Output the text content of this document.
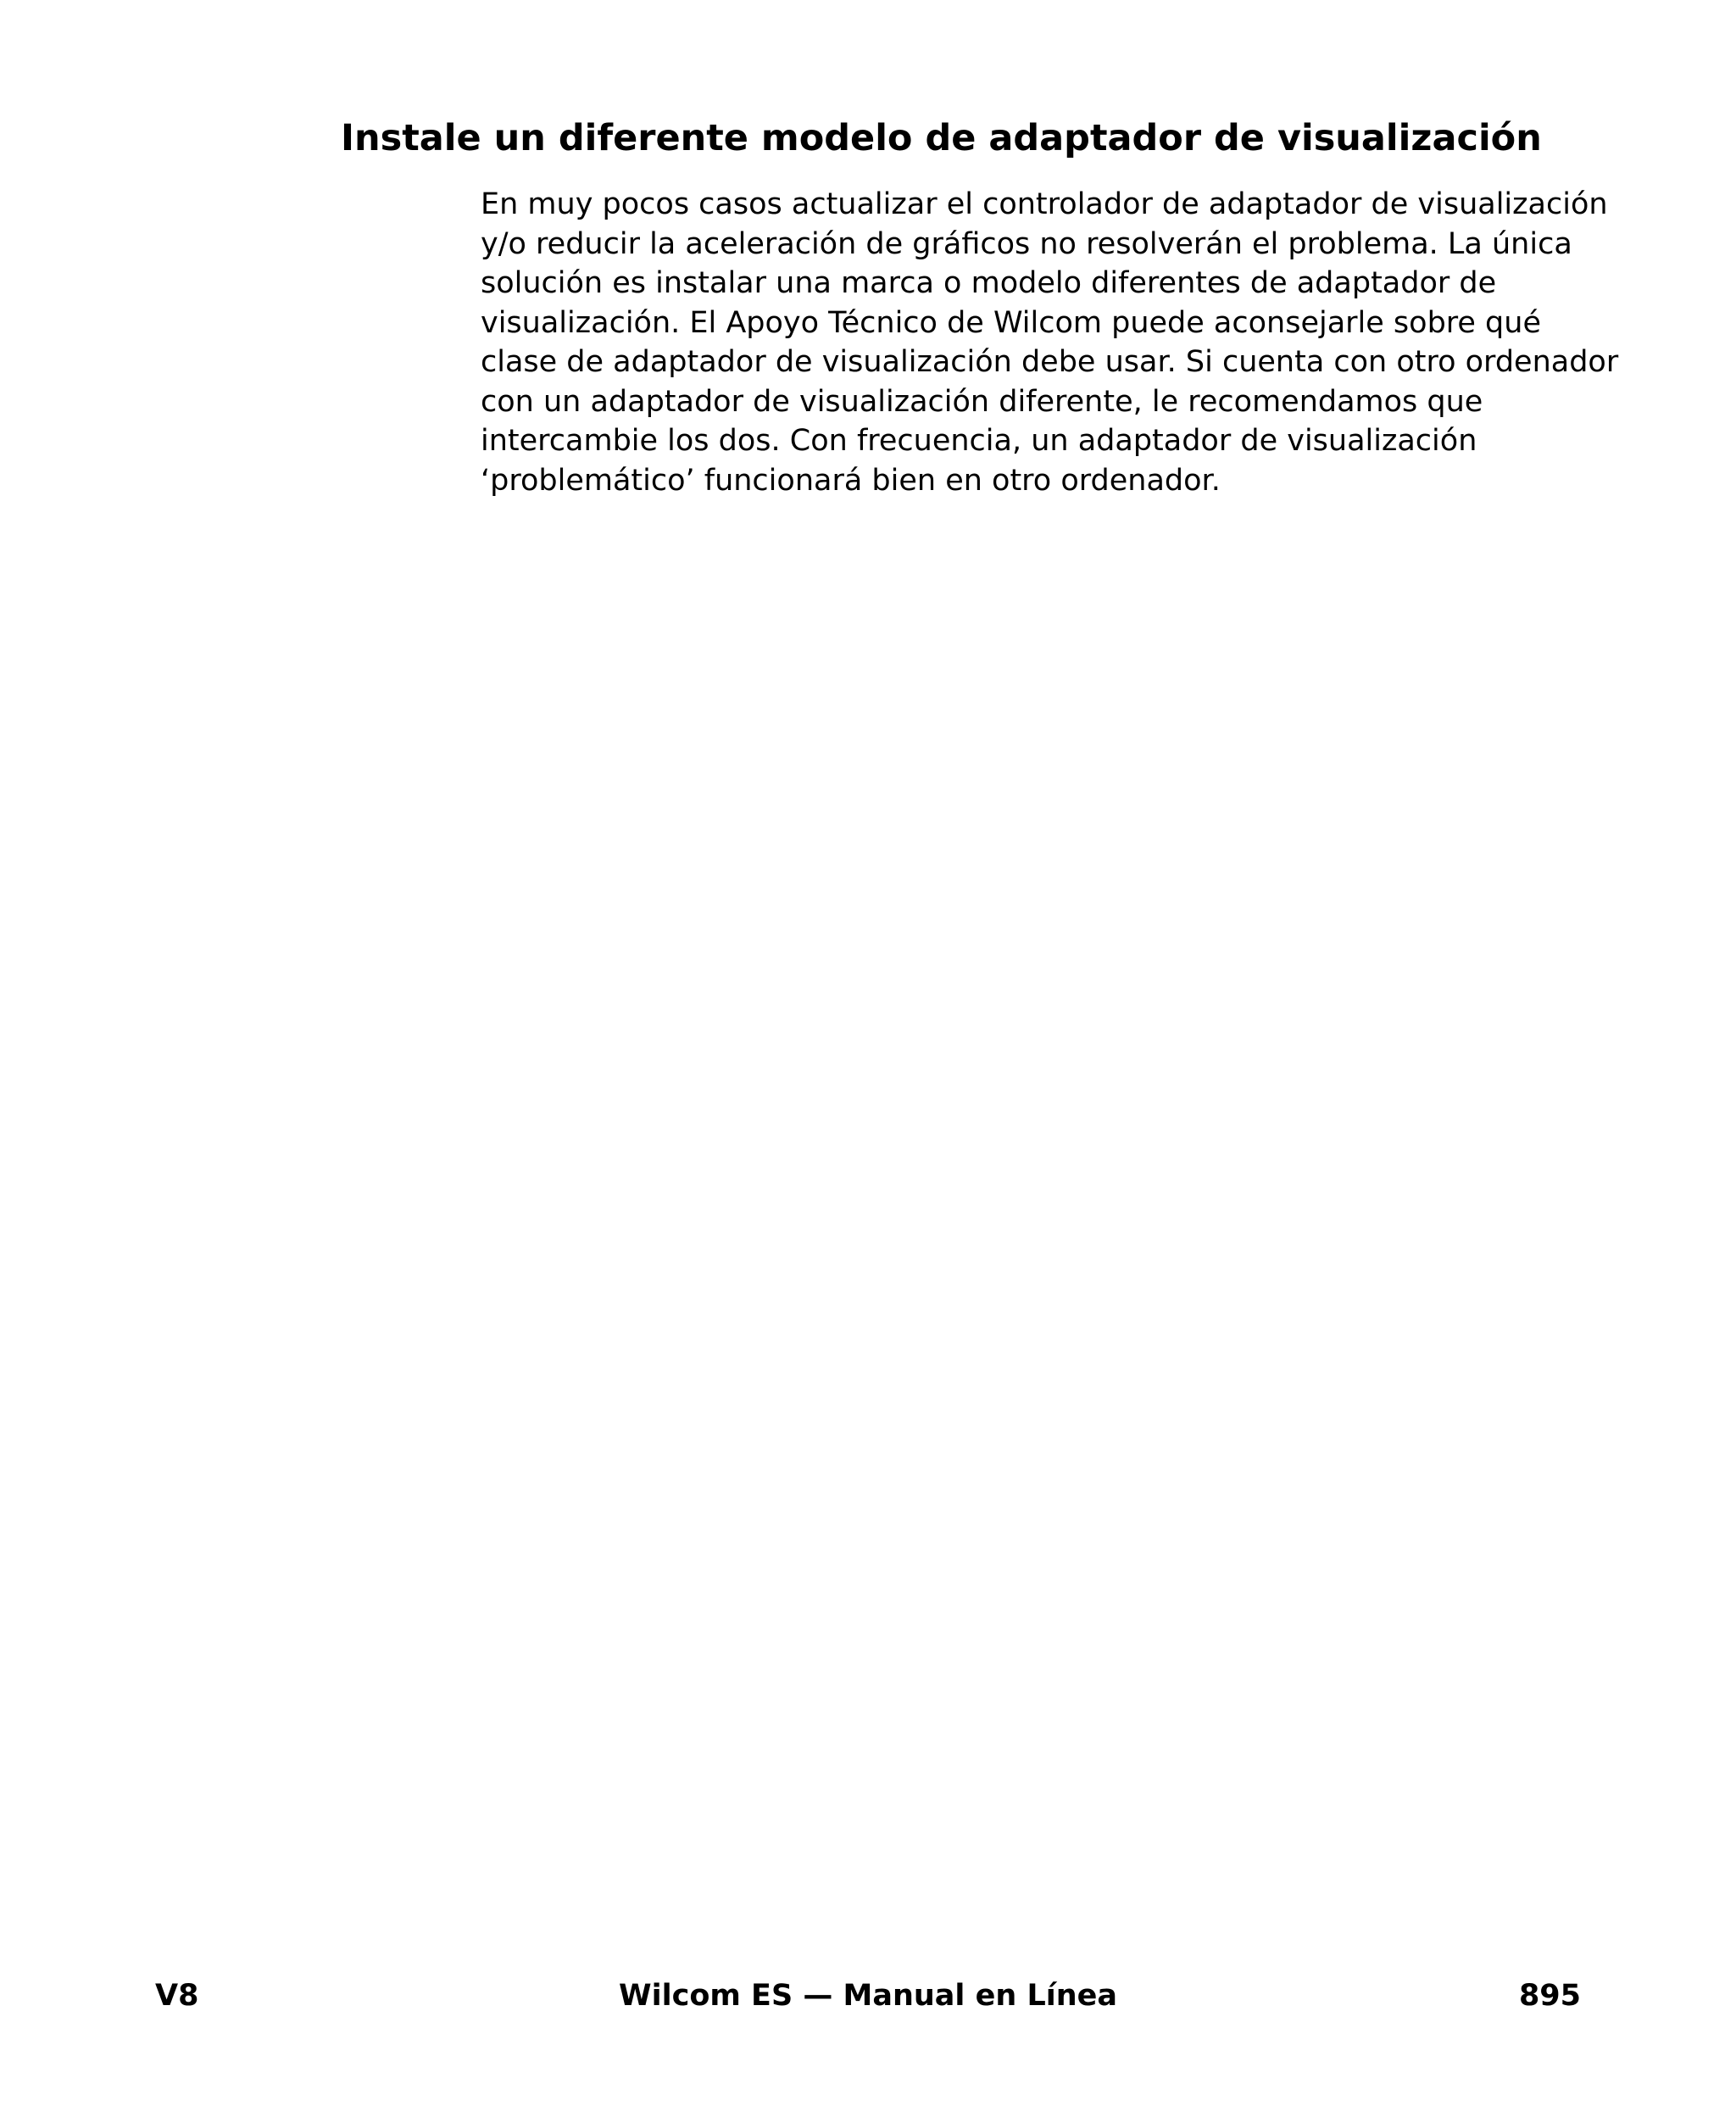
Instale un diferente modelo de adaptador de visualización

En muy pocos casos actualizar el controlador de adaptador de visualización
y/o reducir la aceleración de gráficos no resolverán el problema. La única
solución es instalar una marca o modelo diferentes de adaptador de
visualización. El Apoyo Técnico de Wilcom puede aconsejarle sobre qué
clase de adaptador de visualización debe usar. Si cuenta con otro ordenador
con un adaptador de visualización diferente, le recomendamos que
intercambie los dos. Con frecuencia, un adaptador de visualización
‘problemático’ funcionará bien en otro ordenador.

Wilcom ES — Manual en Línea
V8	895
